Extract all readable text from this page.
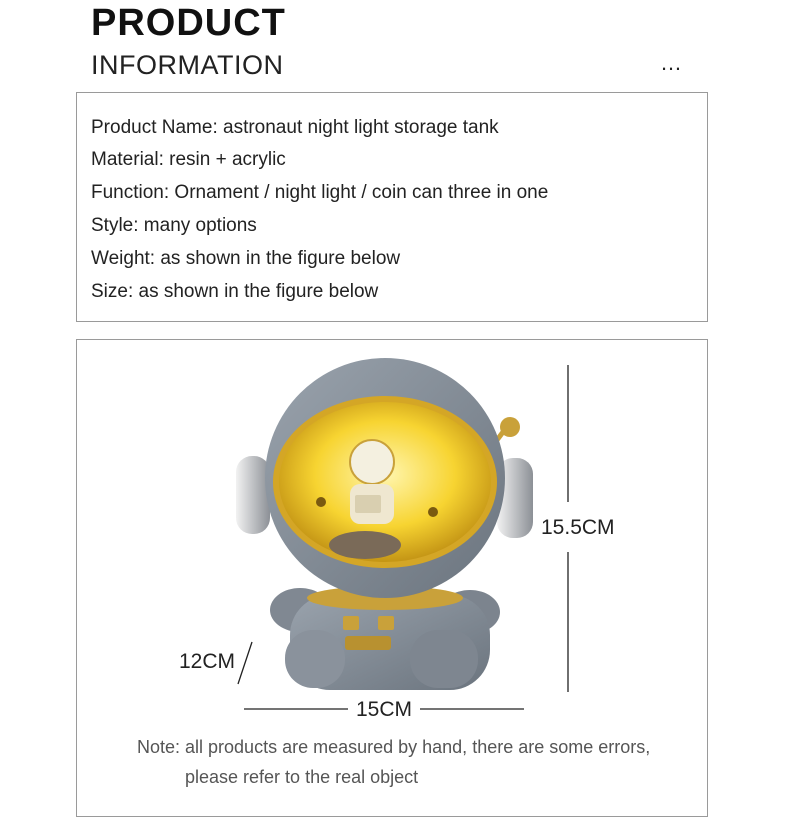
PRODUCT
INFORMATION	…
Product Name: astronaut night light storage tank
Material: resin + acrylic
Function: Ornament / night light / coin can three in one
Style: many options
Weight: as shown in the figure below
Size: as shown in the figure below
15.5CM
12CM
15CM
Note: all products are measured by hand, there are some errors,
please refer to the real object
